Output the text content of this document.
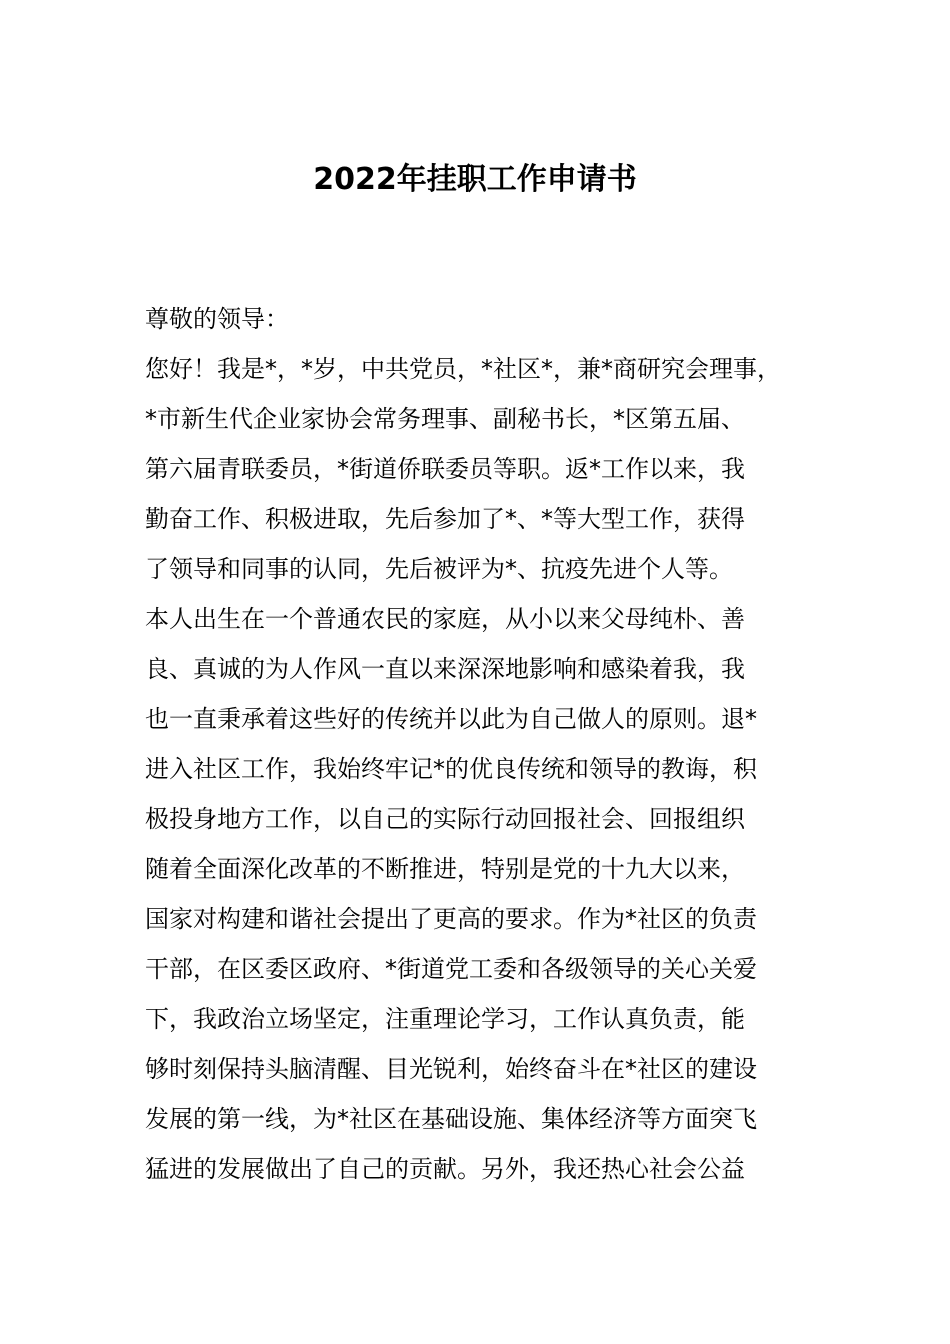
2022年挂职工作申请书
尊敬的领导：
您好！我是*，*岁，中共党员，*社区*，兼*商研究会理事，
*市新生代企业家协会常务理事、副秘书长，*区第五届、
第六届青联委员，*街道侨联委员等职。返*工作以来，我
勤奋工作、积极进取，先后参加了*、*等大型工作，获得
了领导和同事的认同，先后被评为*、抗疫先进个人等。
本人出生在一个普通农民的家庭，从小以来父母纯朴、善
良、真诚的为人作风一直以来深深地影响和感染着我，我
也一直秉承着这些好的传统并以此为自己做人的原则。退*
进入社区工作，我始终牢记*的优良传统和领导的教诲，积
极投身地方工作，以自己的实际行动回报社会、回报组织
随着全面深化改革的不断推进，特别是党的十九大以来，
国家对构建和谐社会提出了更高的要求。作为*社区的负责
干部，在区委区政府、*街道党工委和各级领导的关心关爱
下，我政治立场坚定，注重理论学习，工作认真负责，能
够时刻保持头脑清醒、目光锐利，始终奋斗在*社区的建设
发展的第一线，为*社区在基础设施、集体经济等方面突飞
猛进的发展做出了自己的贡献。另外，我还热心社会公益
